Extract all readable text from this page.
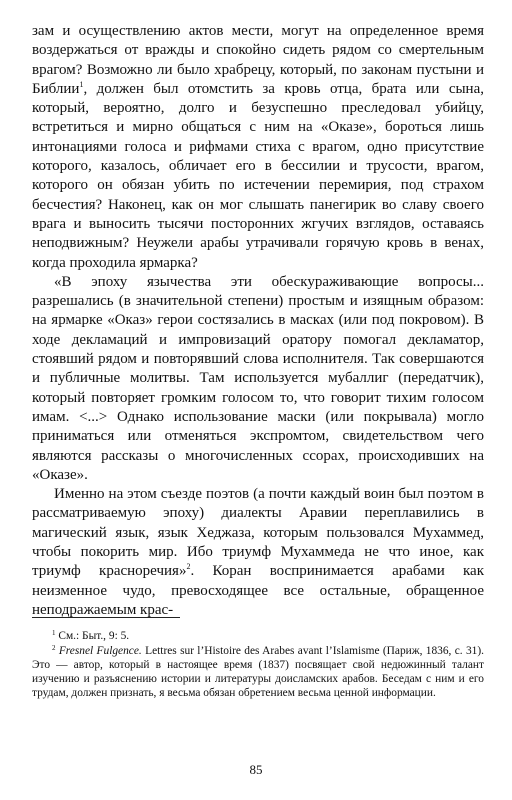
зам и осуществлению актов мести, могут на определенное время воздержаться от вражды и спокойно сидеть рядом со смертельным врагом? Возможно ли было храбрецу, который, по законам пустыни и Библии$^1$, должен был отомстить за кровь отца, брата или сына, который, вероятно, долго и безуспешно преследовал убийцу, встретиться и мирно общаться с ним на «Оказе», бороться лишь интонациями голоса и рифмами стиха с врагом, одно присутствие которого, казалось, обличает его в бессилии и трусости, врагом, которого он обязан убить по истечении перемирия, под страхом бесчестия? Наконец, как он мог слышать панегирик во славу своего врага и выносить тысячи посторонних жгучих взглядов, оставаясь неподвижным? Неужели арабы утрачивали горячую кровь в венах, когда проходила ярмарка?

«В эпоху язычества эти обескураживающие вопросы... разрешались (в значительной степени) простым и изящным образом: на ярмарке «Оказ» герои состязались в масках (или под покровом). В ходе декламаций и импровизаций оратору помогал декламатор, стоявший рядом и повторявший слова исполнителя. Так совершаются и публичные молитвы. Там используется мубаллиг (передатчик), который повторяет громким голосом то, что говорит тихим голосом имам. <...> Однако использование маски (или покрывала) могло приниматься или отменяться экспромтом, свидетельством чего являются рассказы о многочисленных ссорах, происходивших на «Оказе».

Именно на этом съезде поэтов (а почти каждый воин был поэтом в рассматриваемую эпоху) диалекты Аравии переплавились в магический язык, язык Хеджаза, которым пользовался Мухаммед, чтобы покорить мир. Ибо триумф Мухаммеда не что иное, как триумф красноречия»$^2$. Коран воспринимается арабами как неизменное чудо, превосходящее все остальные, обращенное неподражаемым крас-

$^1$ См.: Быт., 9: 5.

$^2$ Fresnel Fulgence. Lettres sur l’Histoire des Arabes avant l’Islamisme (Париж, 1836, с. 31). Это — автор, который в настоящее время (1837) посвящает свой недюжинный талант изучению и разъяснению истории и литературы доисламских арабов. Беседам с ним и его трудам, должен признать, я весьма обязан обретением весьма ценной информации.

85
